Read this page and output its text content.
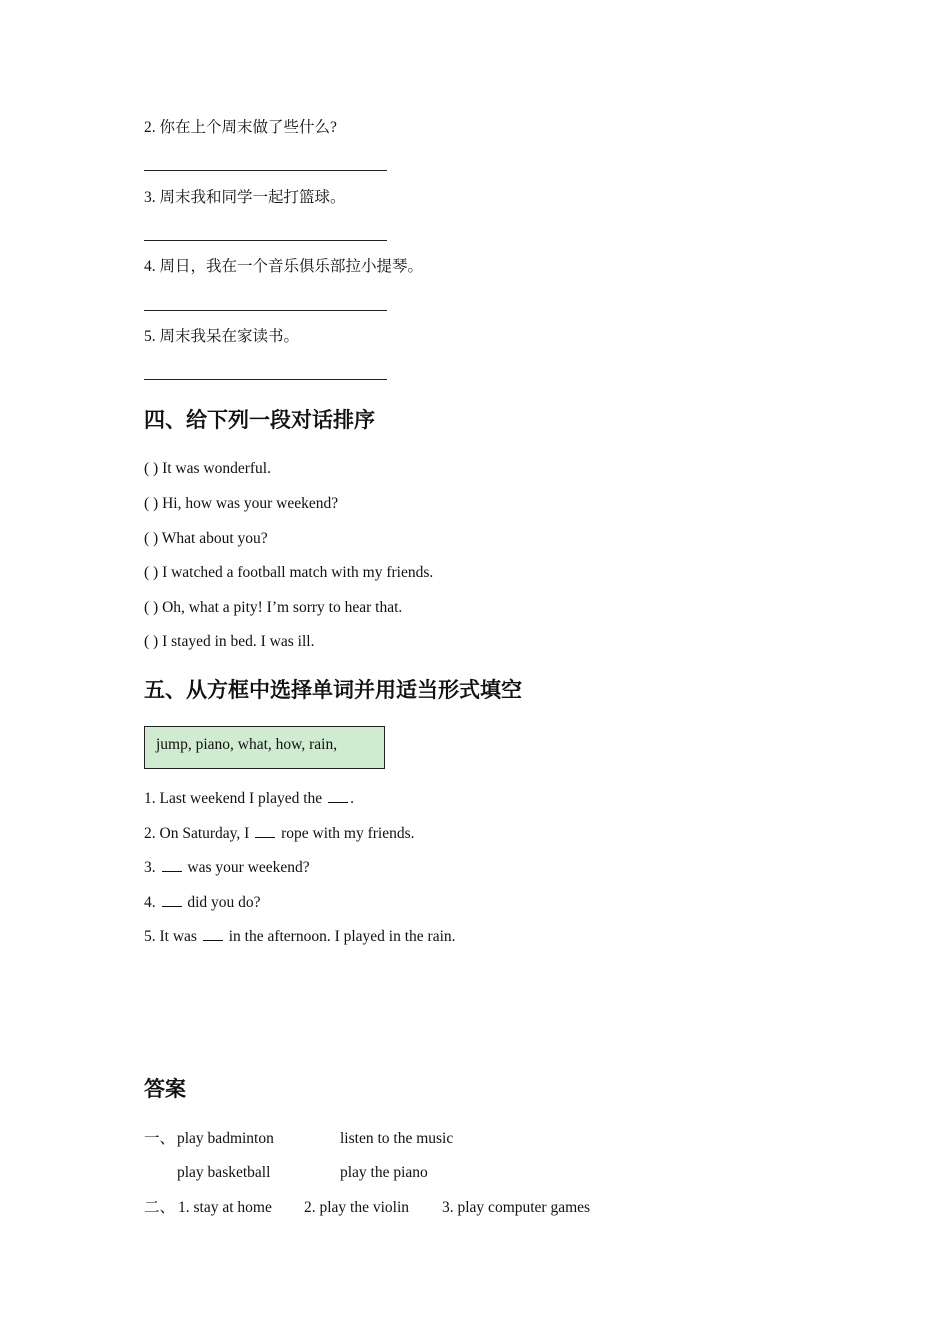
2. 你在上个周末做了些什么?
3. 周末我和同学一起打篮球。
4. 周日，我在一个音乐俱乐部拉小提琴。
5. 周末我呆在家读书。
四、给下列一段对话排序
( ) It was wonderful.
( ) Hi, how was your weekend?
( ) What about you?
( ) I watched a football match with my friends.
( ) Oh, what a pity! I’m sorry to hear that.
( ) I stayed in bed. I was ill.
五、从方框中选择单词并用适当形式填空
jump, piano, what, how, rain,
1. Last weekend I played the .
2. On Saturday, I  rope with my friends.
3.  was your weekend?
4.  did you do?
5. It was  in the afternoon. I played in the rain.
答案
一、 play badminton	listen to the music
play basketball	play the piano
二、 1. stay at home 2. play the violin 3. play computer games
